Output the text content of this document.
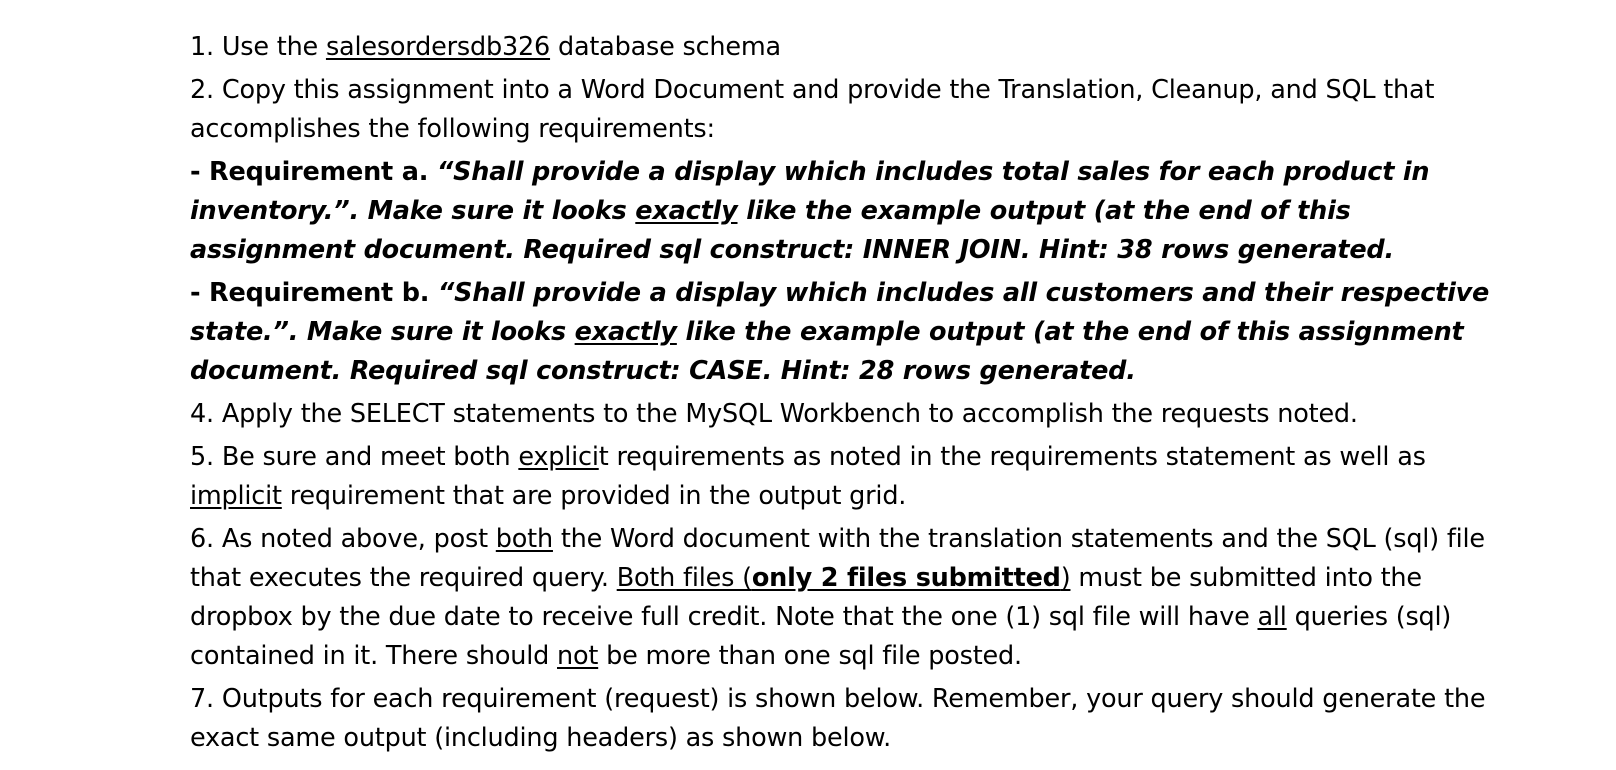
1. Use the salesordersdb326 database schema

2. Copy this assignment into a Word Document and provide the Translation, Cleanup, and SQL that accomplishes the following requirements:

- Requirement a. “Shall provide a display which includes total sales for each product in inventory.”. Make sure it looks exactly like the example output (at the end of this assignment document. Required sql construct: INNER JOIN. Hint: 38 rows generated.

- Requirement b. “Shall provide a display which includes all customers and their respective state.”. Make sure it looks exactly like the example output (at the end of this assignment document. Required sql construct: CASE. Hint: 28 rows generated.

4. Apply the SELECT statements to the MySQL Workbench to accomplish the requests noted.

5. Be sure and meet both explicit requirements as noted in the requirements statement as well as implicit requirement that are provided in the output grid.

6. As noted above, post both the Word document with the translation statements and the SQL (sql) file that executes the required query. Both files (only 2 files submitted) must be submitted into the dropbox by the due date to receive full credit. Note that the one (1) sql file will have all queries (sql) contained in it. There should not be more than one sql file posted.

7. Outputs for each requirement (request) is shown below. Remember, your query should generate the exact same output (including headers) as shown below.
